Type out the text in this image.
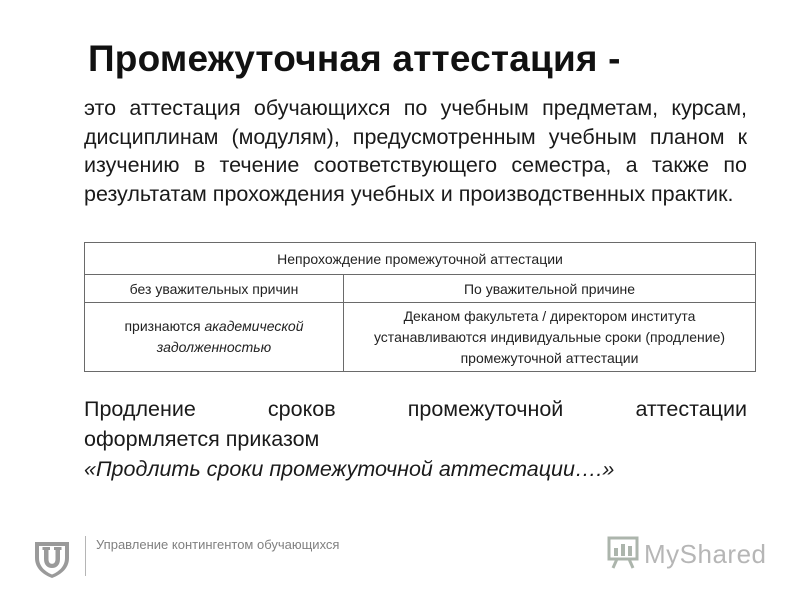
Промежуточная аттестация -
это аттестация обучающихся по учебным предметам, курсам, дисциплинам (модулям), предусмотренным учебным планом к изучению в течение соответствующего семестра, а также по результатам прохождения учебных и производственных практик.
Непрохождение промежуточной аттестации	
без уважительных причин	По уважительной причине
признаются академической задолженностью	Деканом факультета / директором института устанавливаются индивидуальные сроки (продление) промежуточной аттестации
Продление	сроков	промежуточной	аттестации
оформляется приказом
«Продлить сроки промежуточной аттестации….»
Управление контингентом обучающихся	MyShared
